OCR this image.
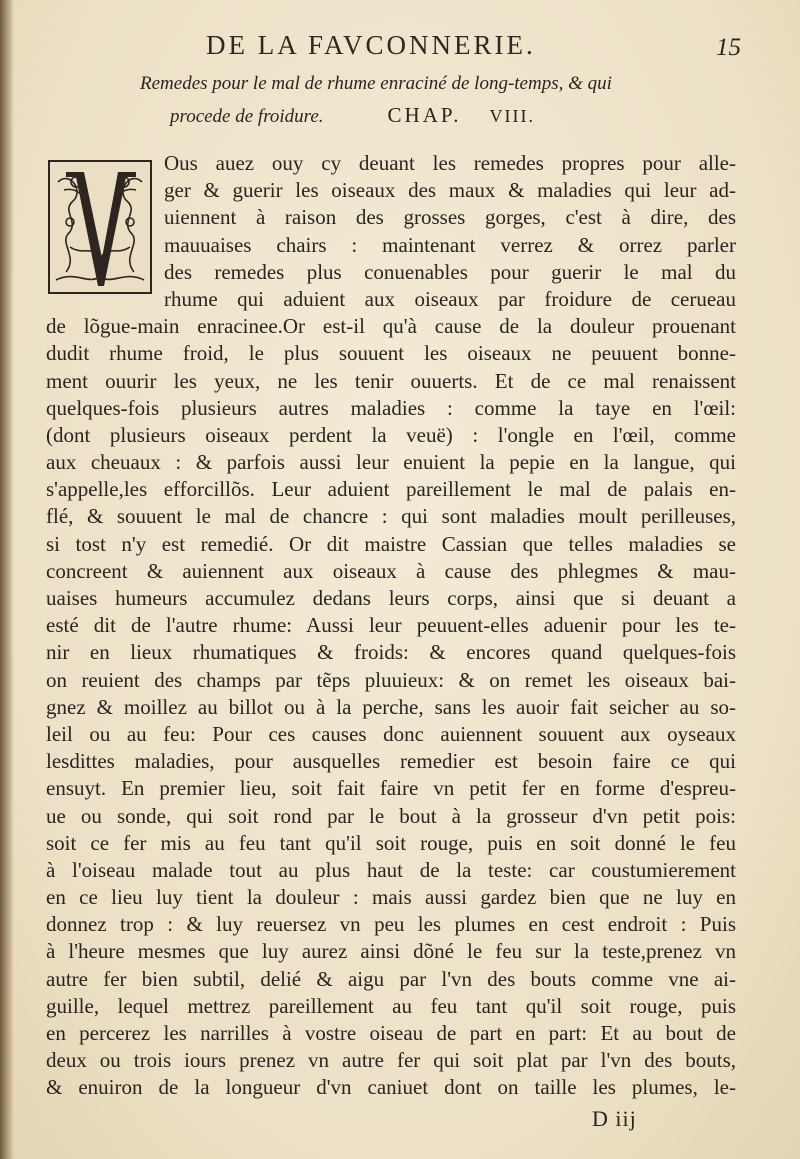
DE LA FAVCONNERIE.	15
Remedes pour le mal de rhume enraciné de long-temps, & qui
procede de froidure.	CHAP. VIII.
Ous auez ouy cy deuant les remedes propres pour alle-
ger & guerir les oiseaux des maux & maladies qui leur ad-
uiennent à raison des grosses gorges, c'est à dire, des
mauuaises chairs : maintenant verrez & orrez parler
des remedes plus conuenables pour guerir le mal du
rhume qui aduient aux oiseaux par froidure de cerueau
de lõgue-main enracinee.Or est-il qu'à cause de la douleur prouenant
dudit rhume froid, le plus souuent les oiseaux ne peuuent bonne-
ment ouurir les yeux, ne les tenir ouuerts. Et de ce mal renaissent
quelques-fois plusieurs autres maladies : comme la taye en l'œil:
(dont plusieurs oiseaux perdent la veuë) : l'ongle en l'œil, comme
aux cheuaux : & parfois aussi leur enuient la pepie en la langue, qui
s'appelle,les efforcillõs. Leur aduient pareillement le mal de palais en-
flé, & souuent le mal de chancre : qui sont maladies moult perilleuses,
si tost n'y est remedié. Or dit maistre Cassian que telles maladies se
concreent & auiennent aux oiseaux à cause des phlegmes & mau-
uaises humeurs accumulez dedans leurs corps, ainsi que si deuant a
esté dit de l'autre rhume: Aussi leur peuuent-elles aduenir pour les te-
nir en lieux rhumatiques & froids: & encores quand quelques-fois
on reuient des champs par tẽps pluuieux: & on remet les oiseaux bai-
gnez & moillez au billot ou à la perche, sans les auoir fait seicher au so-
leil ou au feu: Pour ces causes donc auiennent souuent aux oyseaux
lesdittes maladies, pour ausquelles remedier est besoin faire ce qui
ensuyt. En premier lieu, soit fait faire vn petit fer en forme d'espreu-
ue ou sonde, qui soit rond par le bout à la grosseur d'vn petit pois:
soit ce fer mis au feu tant qu'il soit rouge, puis en soit donné le feu
à l'oiseau malade tout au plus haut de la teste: car coustumierement
en ce lieu luy tient la douleur : mais aussi gardez bien que ne luy en
donnez trop : & luy reuersez vn peu les plumes en cest endroit : Puis
à l'heure mesmes que luy aurez ainsi dõné le feu sur la teste,prenez vn
autre fer bien subtil, delié & aigu par l'vn des bouts comme vne ai-
guille, lequel mettrez pareillement au feu tant qu'il soit rouge, puis
en percerez les narrilles à vostre oiseau de part en part: Et au bout de
deux ou trois iours prenez vn autre fer qui soit plat par l'vn des bouts,
& enuiron de la longueur d'vn caniuet dont on taille les plumes, le-
D iij
